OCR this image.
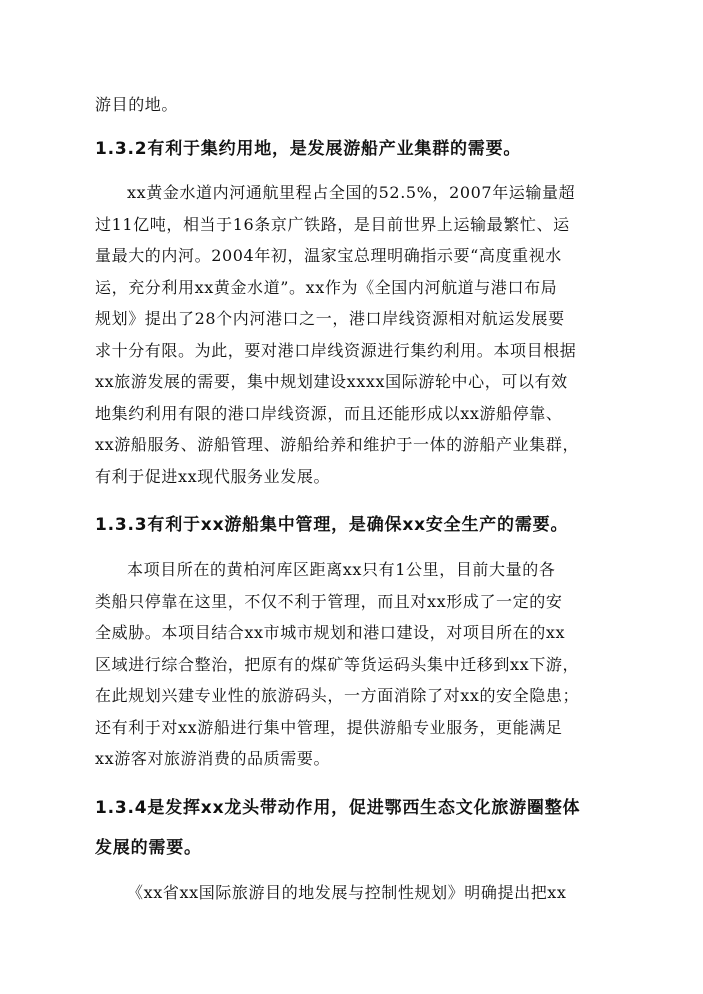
游目的地。
1.3.2有利于集约用地，是发展游船产业集群的需要。
xx黄金水道内河通航里程占全国的52.5%，2007年运输量超
过11亿吨，相当于16条京广铁路，是目前世界上运输最繁忙、运
量最大的内河。2004年初，温家宝总理明确指示要“高度重视水
运，充分利用xx黄金水道”。xx作为《全国内河航道与港口布局
规划》提出了28个内河港口之一，港口岸线资源相对航运发展要
求十分有限。为此，要对港口岸线资源进行集约利用。本项目根据
xx旅游发展的需要，集中规划建设xxxx国际游轮中心，可以有效
地集约利用有限的港口岸线资源，而且还能形成以xx游船停靠、
xx游船服务、游船管理、游船给养和维护于一体的游船产业集群，
有利于促进xx现代服务业发展。
1.3.3有利于xx游船集中管理，是确保xx安全生产的需要。
本项目所在的黄柏河库区距离xx只有1公里，目前大量的各
类船只停靠在这里，不仅不利于管理，而且对xx形成了一定的安
全威胁。本项目结合xx市城市规划和港口建设，对项目所在的xx
区域进行综合整治，把原有的煤矿等货运码头集中迁移到xx下游，
在此规划兴建专业性的旅游码头，一方面消除了对xx的安全隐患；
还有利于对xx游船进行集中管理，提供游船专业服务，更能满足
xx游客对旅游消费的品质需要。
1.3.4是发挥xx龙头带动作用，促进鄂西生态文化旅游圈整体
发展的需要。
《xx省xx国际旅游目的地发展与控制性规划》明确提出把xx
